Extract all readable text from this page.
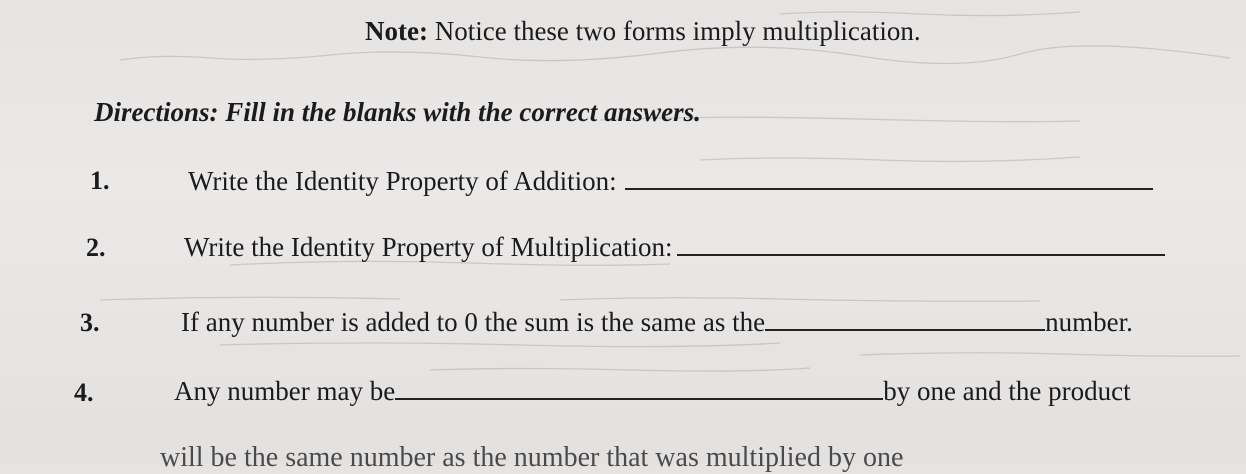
Note: Notice these two forms imply multiplication.
Directions: Fill in the blanks with the correct answers.
1.	Write the Identity Property of Addition:
2.	Write the Identity Property of Multiplication:
3.	If any number is added to 0 the sum is the same as the	number.
4.	Any number may be	by one and the product
will be the same number as the number that was multiplied by one
